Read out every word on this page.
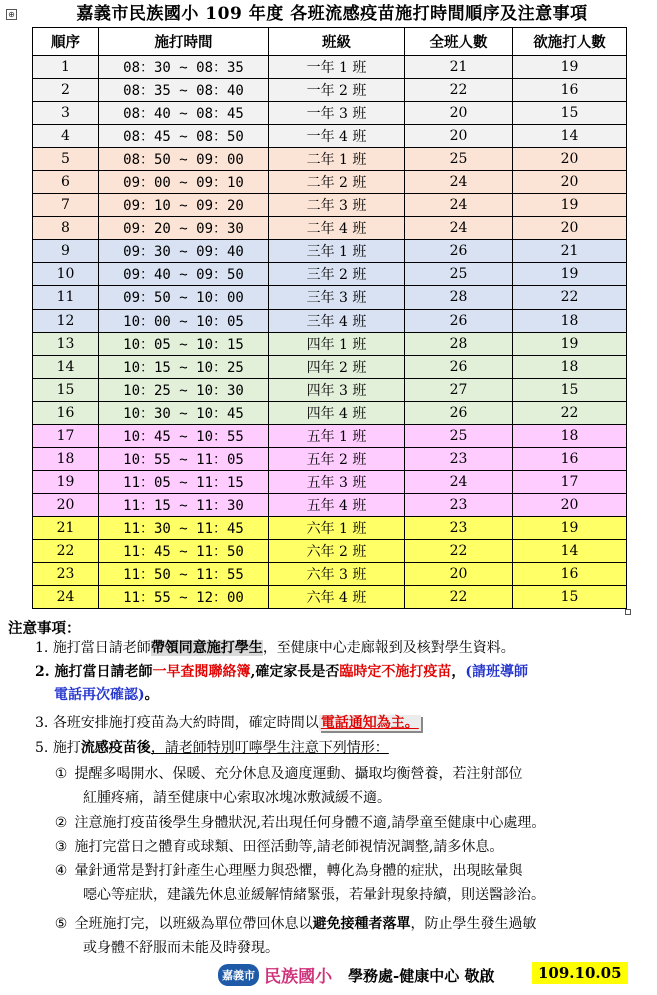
⊕	嘉義市民族國小 109 年度 各班流感疫苗施打時間順序及注意事項
順序	施打時間	班級	全班人數	欲施打人數
1	08：30 ~ 08：35	一年 1 班	21	19
2	08：35 ~ 08：40	一年 2 班	22	16
3	08：40 ~ 08：45	一年 3 班	20	15
4	08：45 ~ 08：50	一年 4 班	20	14
5	08：50 ~ 09：00	二年 1 班	25	20
6	09：00 ~ 09：10	二年 2 班	24	20
7	09：10 ~ 09：20	二年 3 班	24	19
8	09：20 ~ 09：30	二年 4 班	24	20
9	09：30 ~ 09：40	三年 1 班	26	21
10	09：40 ~ 09：50	三年 2 班	25	19
11	09：50 ~ 10：00	三年 3 班	28	22
12	10：00 ~ 10：05	三年 4 班	26	18
13	10：05 ~ 10：15	四年 1 班	28	19
14	10：15 ~ 10：25	四年 2 班	26	18
15	10：25 ~ 10：30	四年 3 班	27	15
16	10：30 ~ 10：45	四年 4 班	26	22
17	10：45 ~ 10：55	五年 1 班	25	18
18	10：55 ~ 11：05	五年 2 班	23	16
19	11：05 ~ 11：15	五年 3 班	24	17
20	11：15 ~ 11：30	五年 4 班	23	20
21	11：30 ~ 11：45	六年 1 班	23	19
22	11：45 ~ 11：50	六年 2 班	22	14
23	11：50 ~ 11：55	六年 3 班	20	16
24	11：55 ~ 12：00	六年 4 班	22	15
注意事項：
1. 施打當日請老師帶領同意施打學生，至健康中心走廊報到及核對學生資料。
2. 施打當日請老師一早查閱聯絡簿,確定家長是否臨時定不施打疫苗，(請班導師
電話再次確認)。
3. 各班安排施打疫苗為大約時間，確定時間以 電話通知為主。
5. 施打流感疫苗後，請老師特別叮嚀學生注意下列情形：
① 提醒多喝開水、保暖、充分休息及適度運動、攝取均衡營養，若注射部位
紅腫疼痛，請至健康中心索取冰塊冰敷減緩不適。
② 注意施打疫苗後學生身體狀況,若出現任何身體不適,請學童至健康中心處理。
③ 施打完當日之體育或球類、田徑活動等,請老師視情況調整,請多休息。
④ 暈針通常是對打針產生心理壓力與恐懼，轉化為身體的症狀，出現眩暈與
噁心等症狀，建議先休息並緩解情緒緊張，若暈針現象持續，則送醫診治。
⑤ 全班施打完，以班級為單位帶回休息以避免接種者落單，防止學生發生過敏
或身體不舒服而未能及時發現。
嘉義市 民族國小 學務處-健康中心 敬啟	109.10.05
